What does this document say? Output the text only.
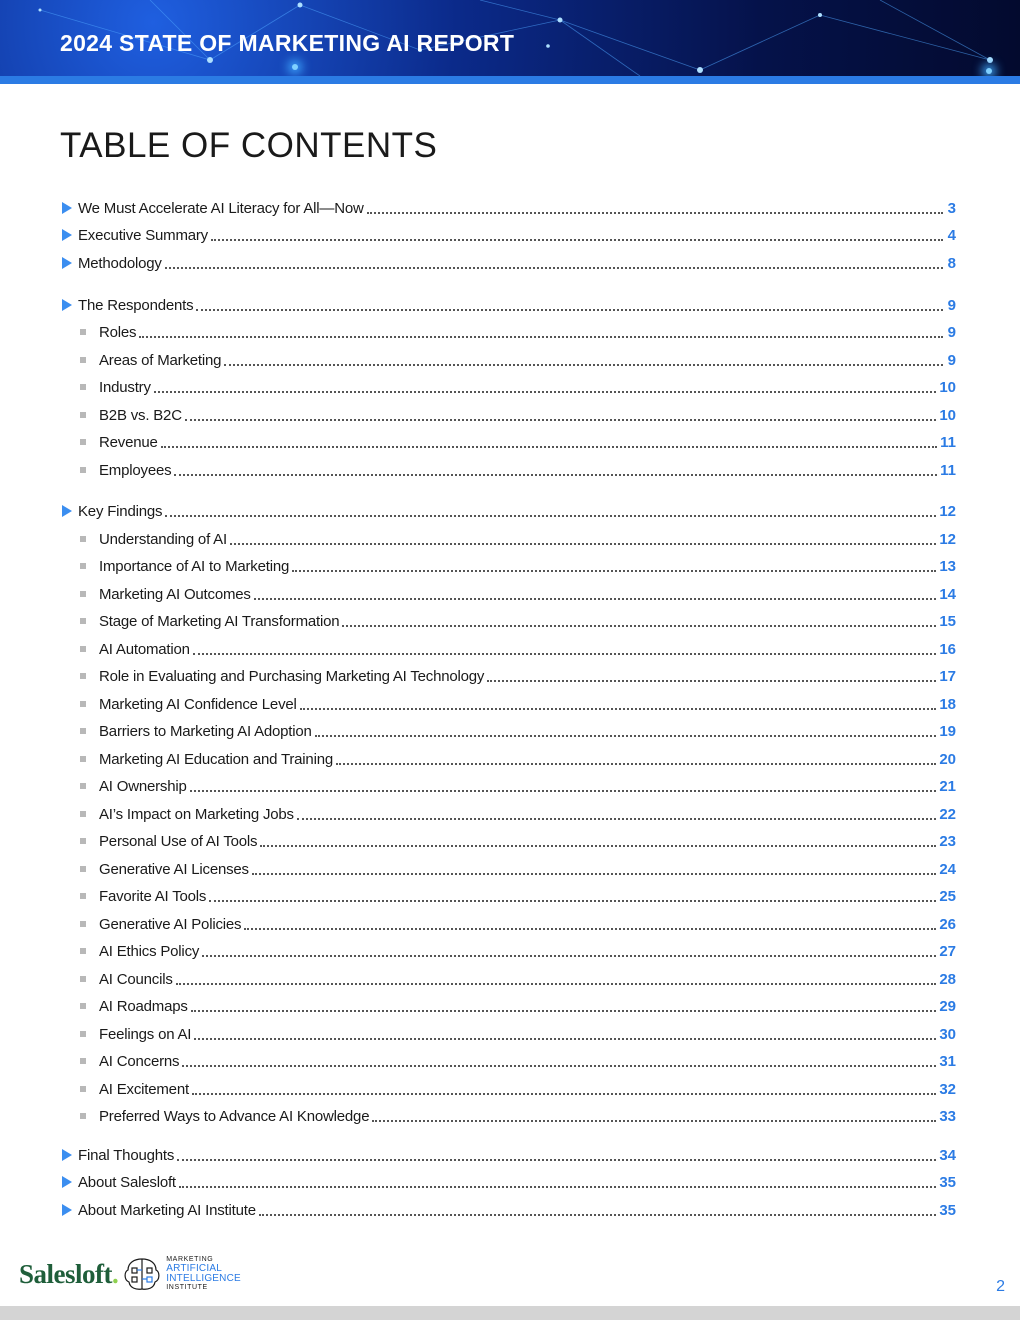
2024 STATE OF MARKETING AI REPORT
TABLE OF CONTENTS
We Must Accelerate AI Literacy for All—Now	3
Executive Summary	4
Methodology	8
The Respondents	9
Roles	9
Areas of Marketing	9
Industry	10
B2B vs. B2C	10
Revenue	11
Employees	11
Key Findings	12
Understanding of AI	12
Importance of AI to Marketing	13
Marketing AI Outcomes	14
Stage of Marketing AI Transformation	15
AI Automation	16
Role in Evaluating and Purchasing Marketing AI Technology	17
Marketing AI Confidence Level	18
Barriers to Marketing AI Adoption	19
Marketing AI Education and Training	20
AI Ownership	21
AI’s Impact on Marketing Jobs	22
Personal Use of AI Tools	23
Generative AI Licenses	24
Favorite AI Tools	25
Generative AI Policies	26
AI Ethics Policy	27
AI Councils	28
AI Roadmaps	29
Feelings on AI	30
AI Concerns	31
AI Excitement	32
Preferred Ways to Advance AI Knowledge	33
Final Thoughts	34
About Salesloft	35
About Marketing AI Institute	35
Salesloft.	MARKETING
ARTIFICIAL
INTELLIGENCE
INSTITUTE	2
